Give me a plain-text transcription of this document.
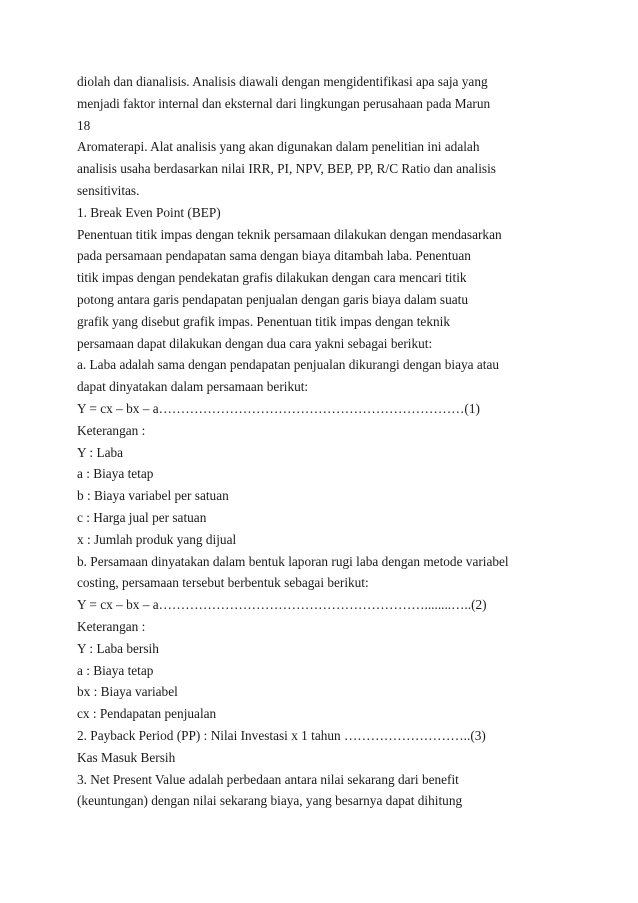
diolah dan dianalisis. Analisis diawali dengan mengidentifikasi apa saja yang
menjadi faktor internal dan eksternal dari lingkungan perusahaan pada Marun
18
Aromaterapi. Alat analisis yang akan digunakan dalam penelitian ini adalah
analisis usaha berdasarkan nilai IRR, PI, NPV, BEP, PP, R/C Ratio dan analisis
sensitivitas.
1. Break Even Point (BEP)
Penentuan titik impas dengan teknik persamaan dilakukan dengan mendasarkan
pada persamaan pendapatan sama dengan biaya ditambah laba. Penentuan
titik impas dengan pendekatan grafis dilakukan dengan cara mencari titik
potong antara garis pendapatan penjualan dengan garis biaya dalam suatu
grafik yang disebut grafik impas. Penentuan titik impas dengan teknik
persamaan dapat dilakukan dengan dua cara yakni sebagai berikut:
a. Laba adalah sama dengan pendapatan penjualan dikurangi dengan biaya atau
dapat dinyatakan dalam persamaan berikut:
Y = cx – bx – a……………………………………………………………(1)
Keterangan :
Y : Laba
a : Biaya tetap
b : Biaya variabel per satuan
c : Harga jual per satuan
x : Jumlah produk yang dijual
b. Persamaan dinyatakan dalam bentuk laporan rugi laba dengan metode variabel
costing, persamaan tersebut berbentuk sebagai berikut:
Y = cx – bx – a……………………………………………………........…..(2)
Keterangan :
Y : Laba bersih
a : Biaya tetap
bx : Biaya variabel
cx : Pendapatan penjualan
2. Payback Period (PP) : Nilai Investasi x 1 tahun ………………………..(3)
Kas Masuk Bersih
3. Net Present Value adalah perbedaan antara nilai sekarang dari benefit
(keuntungan) dengan nilai sekarang biaya, yang besarnya dapat dihitung
